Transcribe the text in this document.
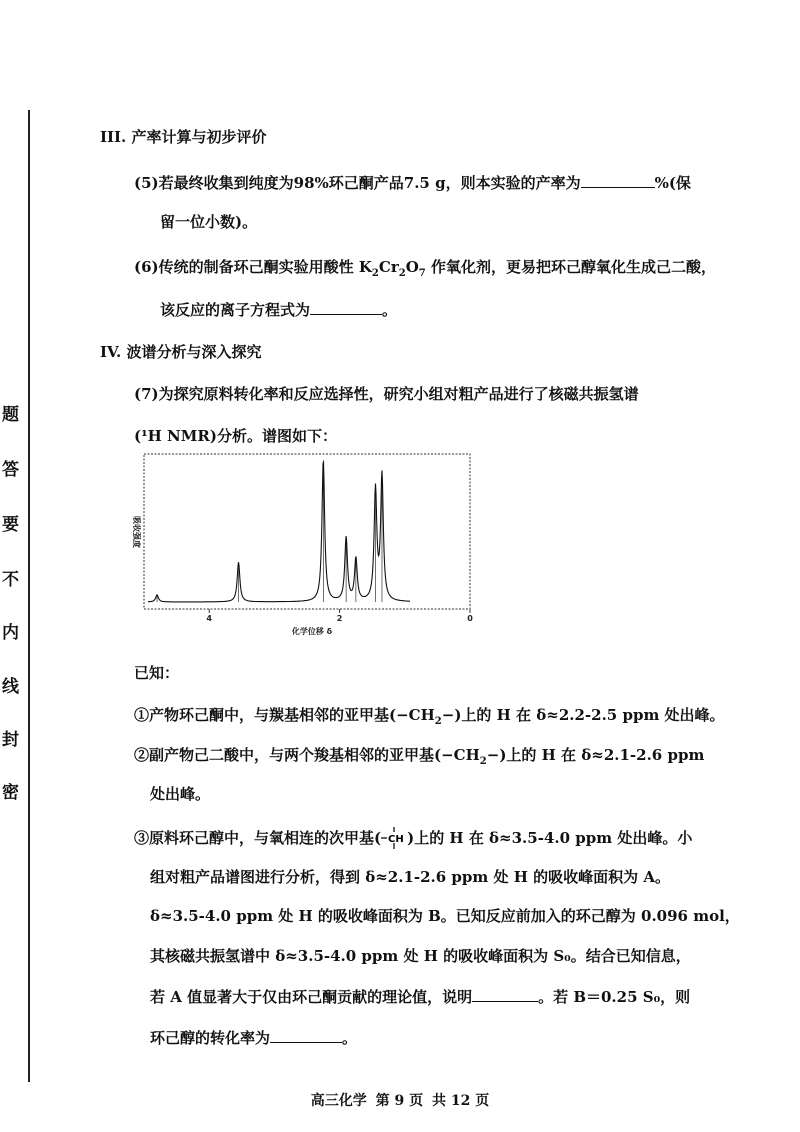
题
答
要
不
内
线
封
密
III. 产率计算与初步评价
(5)若最终收集到纯度为98%环己酮产品7.5 g，则本实验的产率为	%(保
留一位小数)。
(6)传统的制备环己酮实验用酸性 $K_2Cr_2O_7$ 作氧化剂，更易把环己醇氧化生成己二酸，
该反应的离子方程式为	。
IV. 波谱分析与深入探究
(7)为探究原料转化率和反应选择性，研究小组对粗产品进行了核磁共振氢谱
(¹H NMR)分析。谱图如下：
吸收强度
化学位移 δ
4	2	0
已知：
①产物环己酮中，与羰基相邻的亚甲基$(-CH_2-)$上的 H 在 δ≈2.2-2.5 ppm 处出峰。
②副产物己二酸中，与两个羧基相邻的亚甲基$(-CH_2-)$上的 H 在 δ≈2.1-2.6 ppm
处出峰。
③原料环己醇中，与氧相连的次甲基( CH )上的 H 在 δ≈3.5-4.0 ppm 处出峰。小
组对粗产品谱图进行分析，得到 δ≈2.1-2.6 ppm 处 H 的吸收峰面积为 A。
δ≈3.5-4.0 ppm 处 H 的吸收峰面积为 B。已知反应前加入的环己醇为 0.096 mol，
其核磁共振氢谱中 δ≈3.5-4.0 ppm 处 H 的吸收峰面积为 S₀。结合已知信息，
若 A 值显著大于仅由环己酮贡献的理论值，说明	。若 B＝0.25 S₀，则
环己醇的转化率为	。
高三化学 第 9 页 共 12 页
